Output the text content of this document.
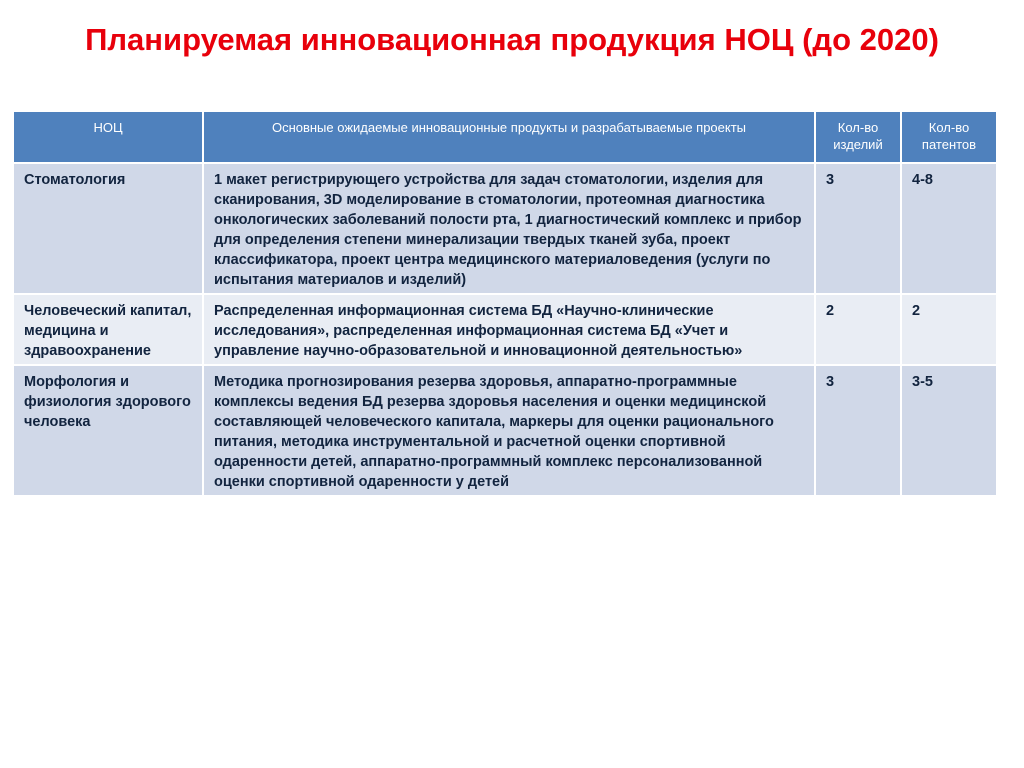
Планируемая инновационная продукция НОЦ (до 2020)
НОЦ	Основные ожидаемые инновационные продукты и разрабатываемые проекты	Кол-во изделий	Кол-во патентов
Стоматология	1 макет регистрирующего устройства для задач стоматологии, изделия для сканирования, 3D моделирование в стоматологии, протеомная диагностика онкологических заболеваний полости рта, 1 диагностический комплекс и прибор для определения степени минерализации твердых тканей зуба, проект классификатора, проект центра медицинского материаловедения (услуги по испытания материалов и изделий)	3	4-8
Человеческий капитал, медицина и здравоохранение	Распределенная информационная система БД «Научно-клинические исследования», распределенная информационная система БД «Учет и управление научно-образовательной и инновационной деятельностью»	2	2
Морфология и физиология здорового человека	Методика прогнозирования резерва здоровья, аппаратно-программные комплексы ведения БД резерва здоровья населения и оценки медицинской составляющей человеческого капитала, маркеры для оценки рационального питания, методика инструментальной и расчетной оценки спортивной одаренности детей, аппаратно-программный комплекс персонализованной оценки спортивной одаренности у детей	3	3-5
